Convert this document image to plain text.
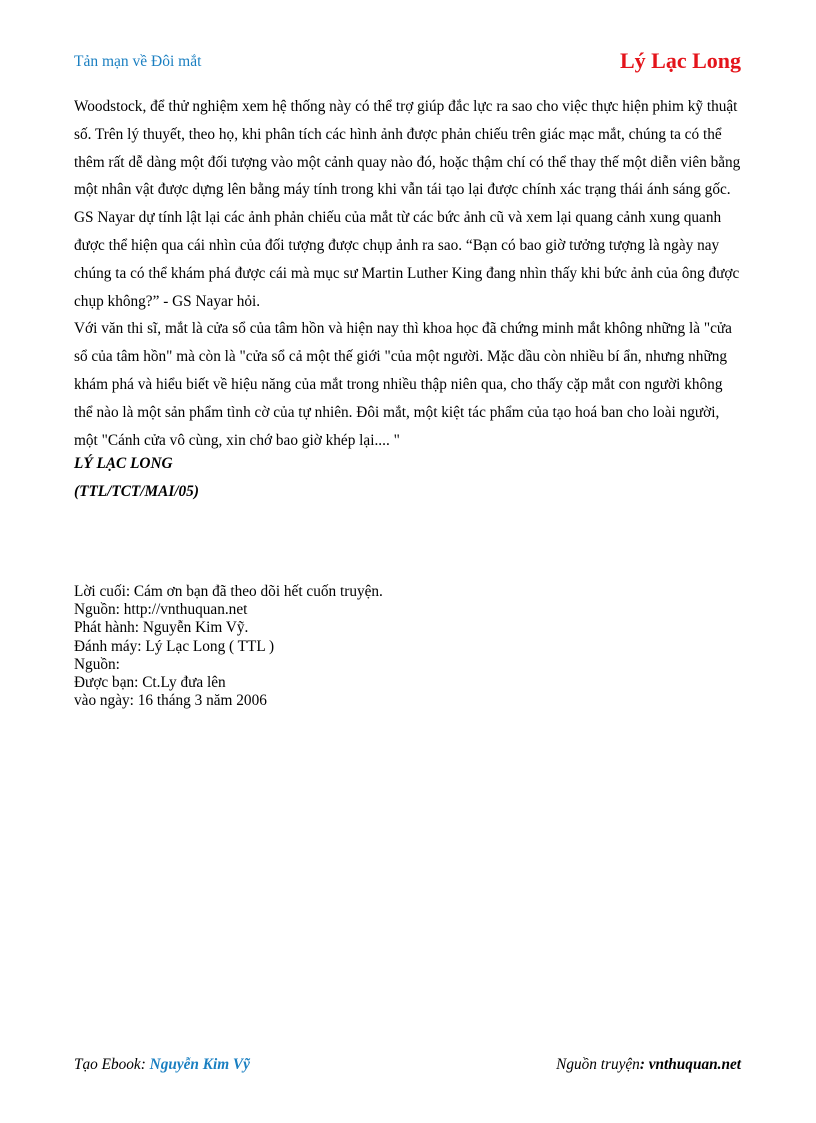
Tản mạn về Đôi mắt	Lý Lạc Long

Woodstock, để thử nghiệm xem hệ thống này có thể trợ giúp đắc lực ra sao cho việc thực hiện phim kỹ thuật số. Trên lý thuyết, theo họ, khi phân tích các hình ảnh được phản chiếu trên giác mạc mắt, chúng ta có thể thêm rất dễ dàng một đối tượng vào một cảnh quay nào đó, hoặc thậm chí có thể thay thế một diễn viên bằng một nhân vật được dựng lên bằng máy tính trong khi vẫn tái tạo lại được chính xác trạng thái ánh sáng gốc. GS Nayar dự tính lật lại các ảnh phản chiếu của mắt từ các bức ảnh cũ và xem lại quang cảnh xung quanh được thể hiện qua cái nhìn của đối tượng được chụp ảnh ra sao. “Bạn có bao giờ tưởng tượng là ngày nay chúng ta có thể khám phá được cái mà mục sư Martin Luther King đang nhìn thấy khi bức ảnh của ông được chụp không?” - GS Nayar hỏi.

Với văn thi sĩ, mắt là cửa sổ của tâm hồn và hiện nay thì khoa học đã chứng minh mắt không những là "cửa sổ của tâm hồn" mà còn là "cửa sổ cả một thế giới "của một người. Mặc dầu còn nhiều bí ẩn, nhưng những khám phá và hiểu biết về hiệu năng của mắt trong nhiều thập niên qua, cho thấy cặp mắt con người không thể nào là một sản phẩm tình cờ của tự nhiên. Đôi mắt, một kiệt tác phẩm của tạo hoá ban cho loài người, một "Cánh cửa vô cùng, xin chớ bao giờ khép lại.... "

LÝ LẠC LONG
(TTL/TCT/MAI/05)
Lời cuối: Cám ơn bạn đã theo dõi hết cuốn truyện.
Nguồn: http://vnthuquan.net
Phát hành: Nguyễn Kim Vỹ.
Đánh máy: Lý Lạc Long ( TTL )
Nguồn:
Được bạn: Ct.Ly đưa lên
vào ngày: 16 tháng 3 năm 2006
Tạo Ebook: Nguyễn Kim Vỹ	Nguồn truyện: vnthuquan.net
